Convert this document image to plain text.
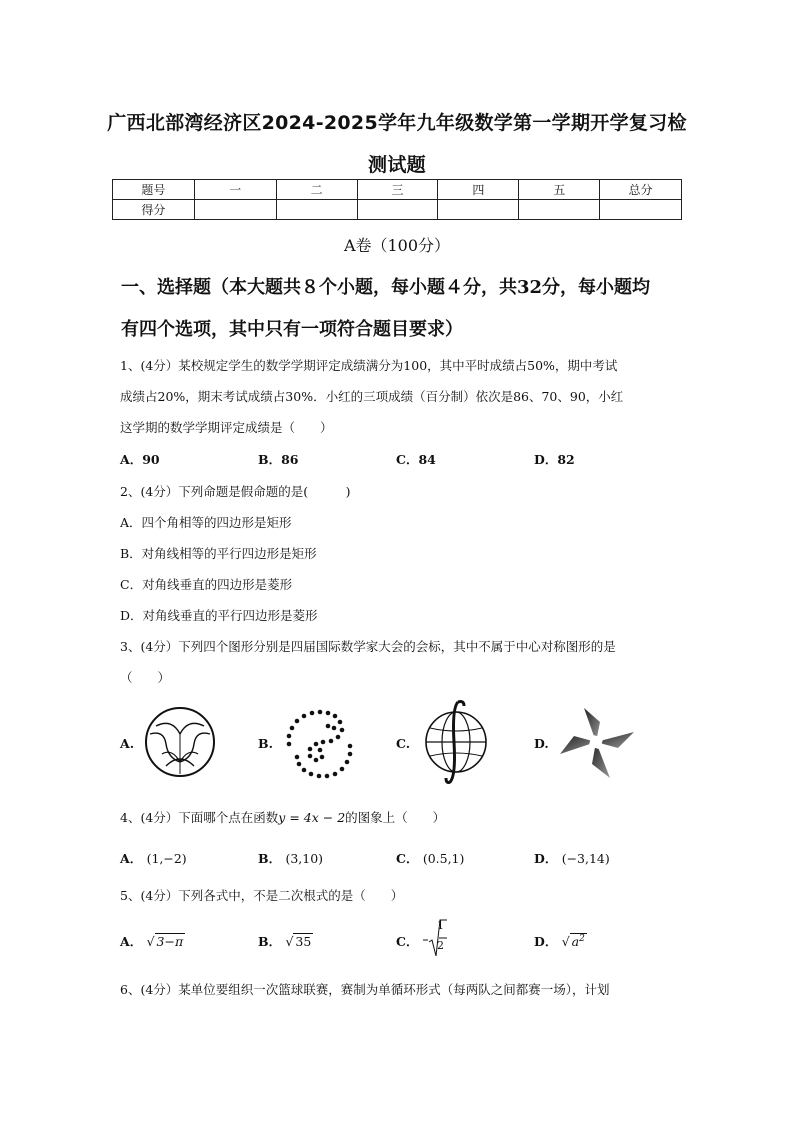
广西北部湾经济区2024-2025学年九年级数学第一学期开学复习检
测试题
题号	一	二	三	四	五	总分
得分						
A卷（100分）
一、选择题（本大题共８个小题，每小题４分，共32分，每小题均
有四个选项，其中只有一项符合题目要求）
1、(4分）某校规定学生的数学学期评定成绩满分为100，其中平时成绩占50%，期中考试
成绩占20%，期末考试成绩占30%．小红的三项成绩（百分制）依次是86、70、90，小红
这学期的数学学期评定成绩是（　　）
A．90	B．86	C．84	D．82
2、(4分）下列命题是假命题的是(　　　)
A．四个角相等的四边形是矩形
B．对角线相等的平行四边形是矩形
C．对角线垂直的四边形是菱形
D．对角线垂直的平行四边形是菱形
3、(4分）下列四个图形分别是四届国际数学家大会的会标，其中不属于中心对称图形的是
（　　）
A.	B.	C.	D.
4、(4分）下面哪个点在函数y = 4x − 2的图象上（　　）
A． (1,−2)	B． (3,10)	C． (0.5,1)	D． (−3,14)
5、(4分）下列各式中，不是二次根式的是（　　）
A． √ 3−π	B． √ 35	C．
1
2	D． √ $a^2$
6、(4分）某单位要组织一次篮球联赛，赛制为单循环形式（每两队之间都赛一场），计划
